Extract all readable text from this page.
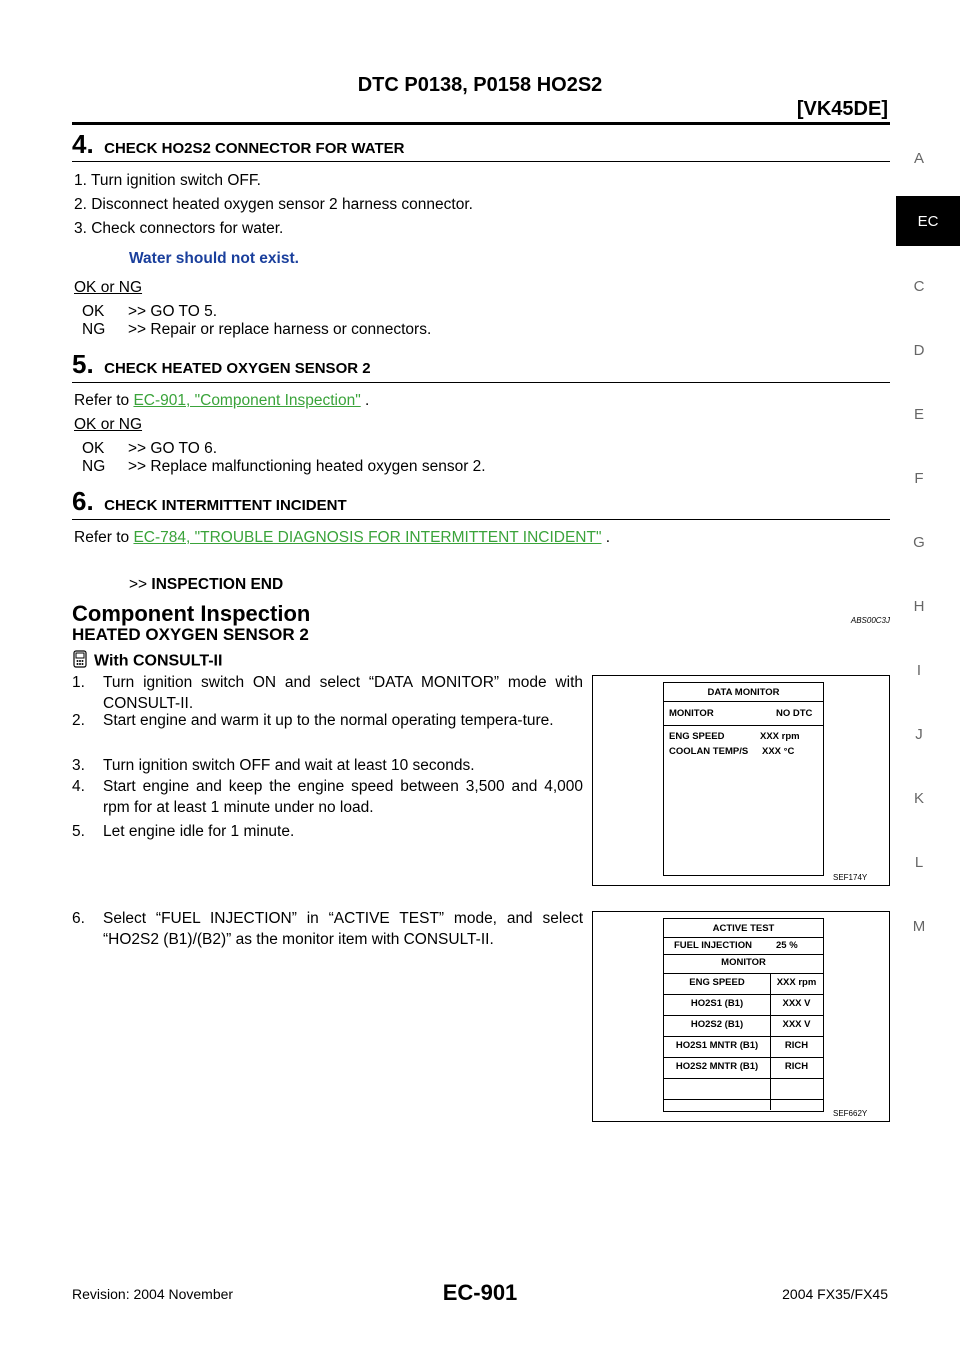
DTC P0138, P0158 HO2S2
[VK45DE]
A
EC
C
D
E
F
G
H
I
J
K
L
M
4. CHECK HO2S2 CONNECTOR FOR WATER
1. Turn ignition switch OFF.
2. Disconnect heated oxygen sensor 2 harness connector.
3. Check connectors for water.
Water should not exist.
OK or NG
OK >> GO TO 5.
NG >> Repair or replace harness or connectors.
5. CHECK HEATED OXYGEN SENSOR 2
Refer to EC-901, "Component Inspection" .
OK or NG
OK >> GO TO 6.
NG >> Replace malfunctioning heated oxygen sensor 2.
6. CHECK INTERMITTENT INCIDENT
Refer to EC-784, "TROUBLE DIAGNOSIS FOR INTERMITTENT INCIDENT" .
>> INSPECTION END
Component Inspection	ABS00C3J
HEATED OXYGEN SENSOR 2
With CONSULT-II
1. Turn ignition switch ON and select “DATA MONITOR” mode with CONSULT-II.
2. Start engine and warm it up to the normal operating tempera-ture.
3. Turn ignition switch OFF and wait at least 10 seconds.
4. Start engine and keep the engine speed between 3,500 and 4,000 rpm for at least 1 minute under no load.
5. Let engine idle for 1 minute.
6. Select “FUEL INJECTION” in “ACTIVE TEST” mode, and select “HO2S2 (B1)/(B2)” as the monitor item with CONSULT-II.
DATA MONITOR
MONITOR	NO DTC
ENG SPEED	XXX rpm
COOLAN TEMP/S XXX °C
SEF174Y
ACTIVE TEST
FUEL INJECTION	25 %
MONITOR
ENG SPEED	XXX rpm
HO2S1 (B1)	XXX V
HO2S2 (B1)	XXX V
HO2S1 MNTR (B1)	RICH
HO2S2 MNTR (B1)	RICH
SEF662Y
Revision: 2004 November	EC-901	2004 FX35/FX45
